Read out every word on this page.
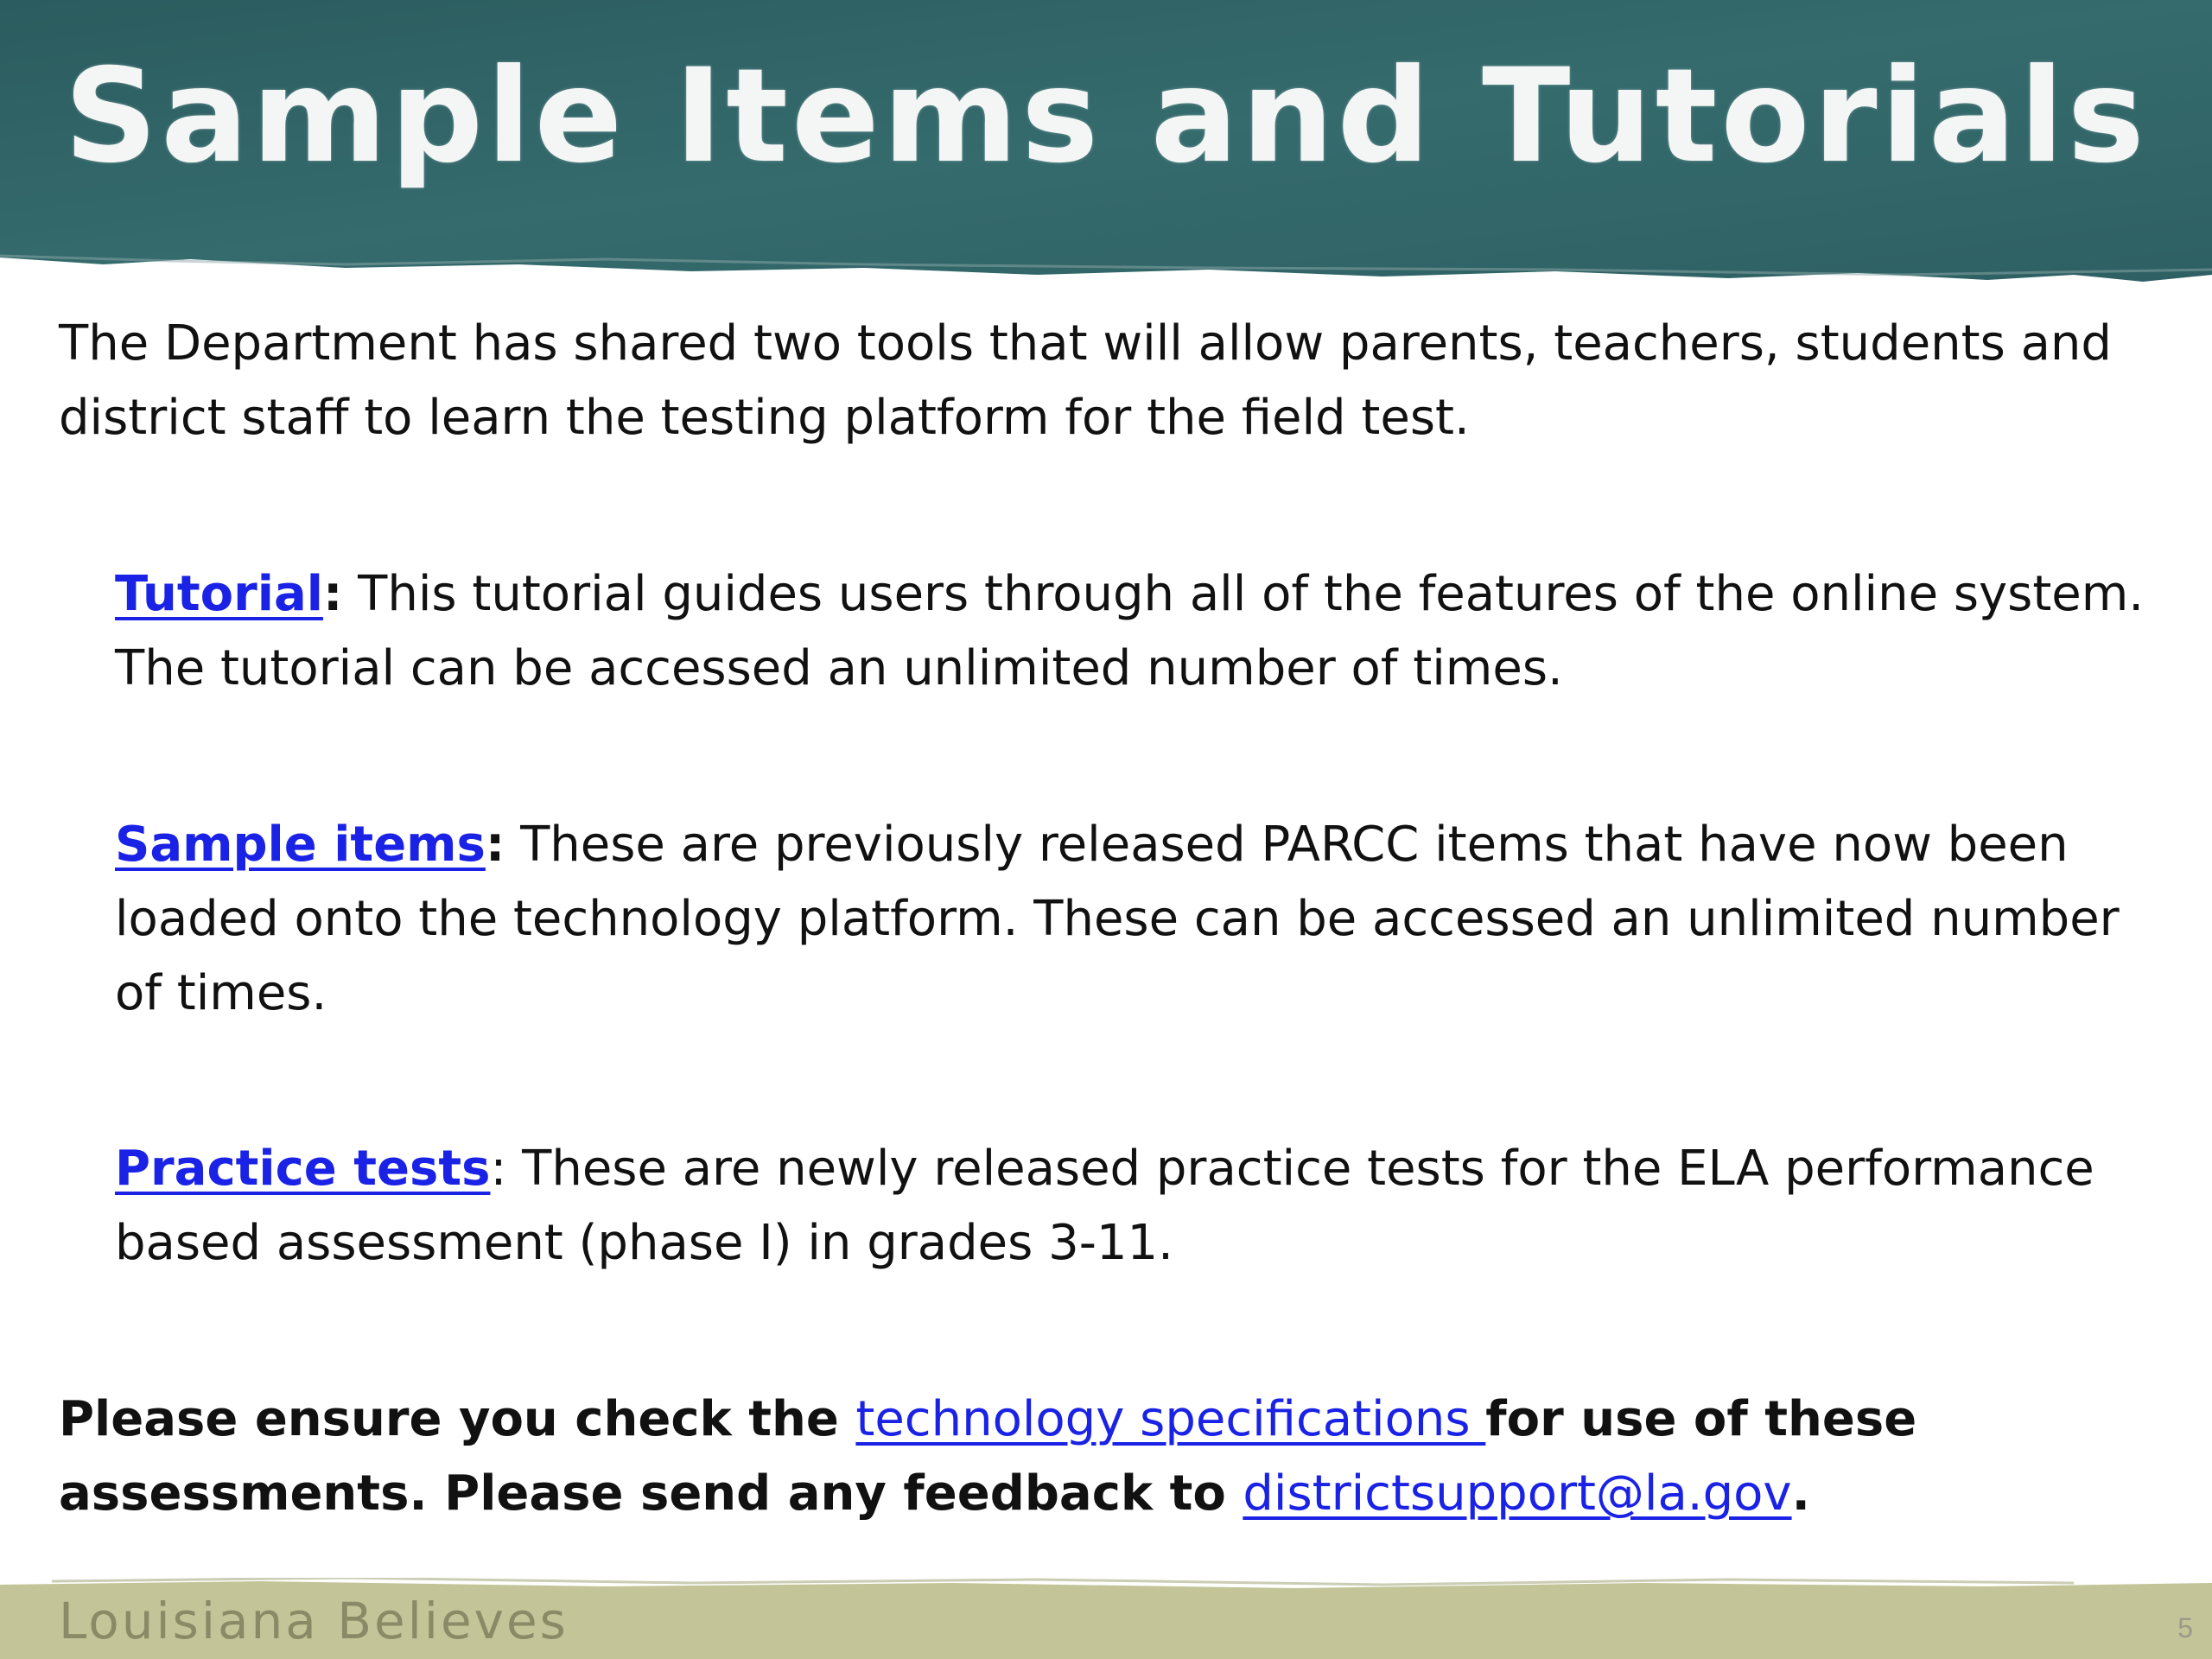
Sample Items and Tutorials
The Department has shared two tools that will allow parents, teachers, students and district staff to learn the testing platform for the field test.
Tutorial: This tutorial guides users through all of the features of the online system. The tutorial can be accessed an unlimited number of times.
Sample items: These are previously released PARCC items that have now been loaded onto the technology platform. These can be accessed an unlimited number of times.
Practice tests: These are newly released practice tests for the ELA performance based assessment (phase I) in grades 3-11.
Please ensure you check the technology specifications for use of these assessments. Please send any feedback to districtsupport@la.gov.
Louisiana Believes	5
